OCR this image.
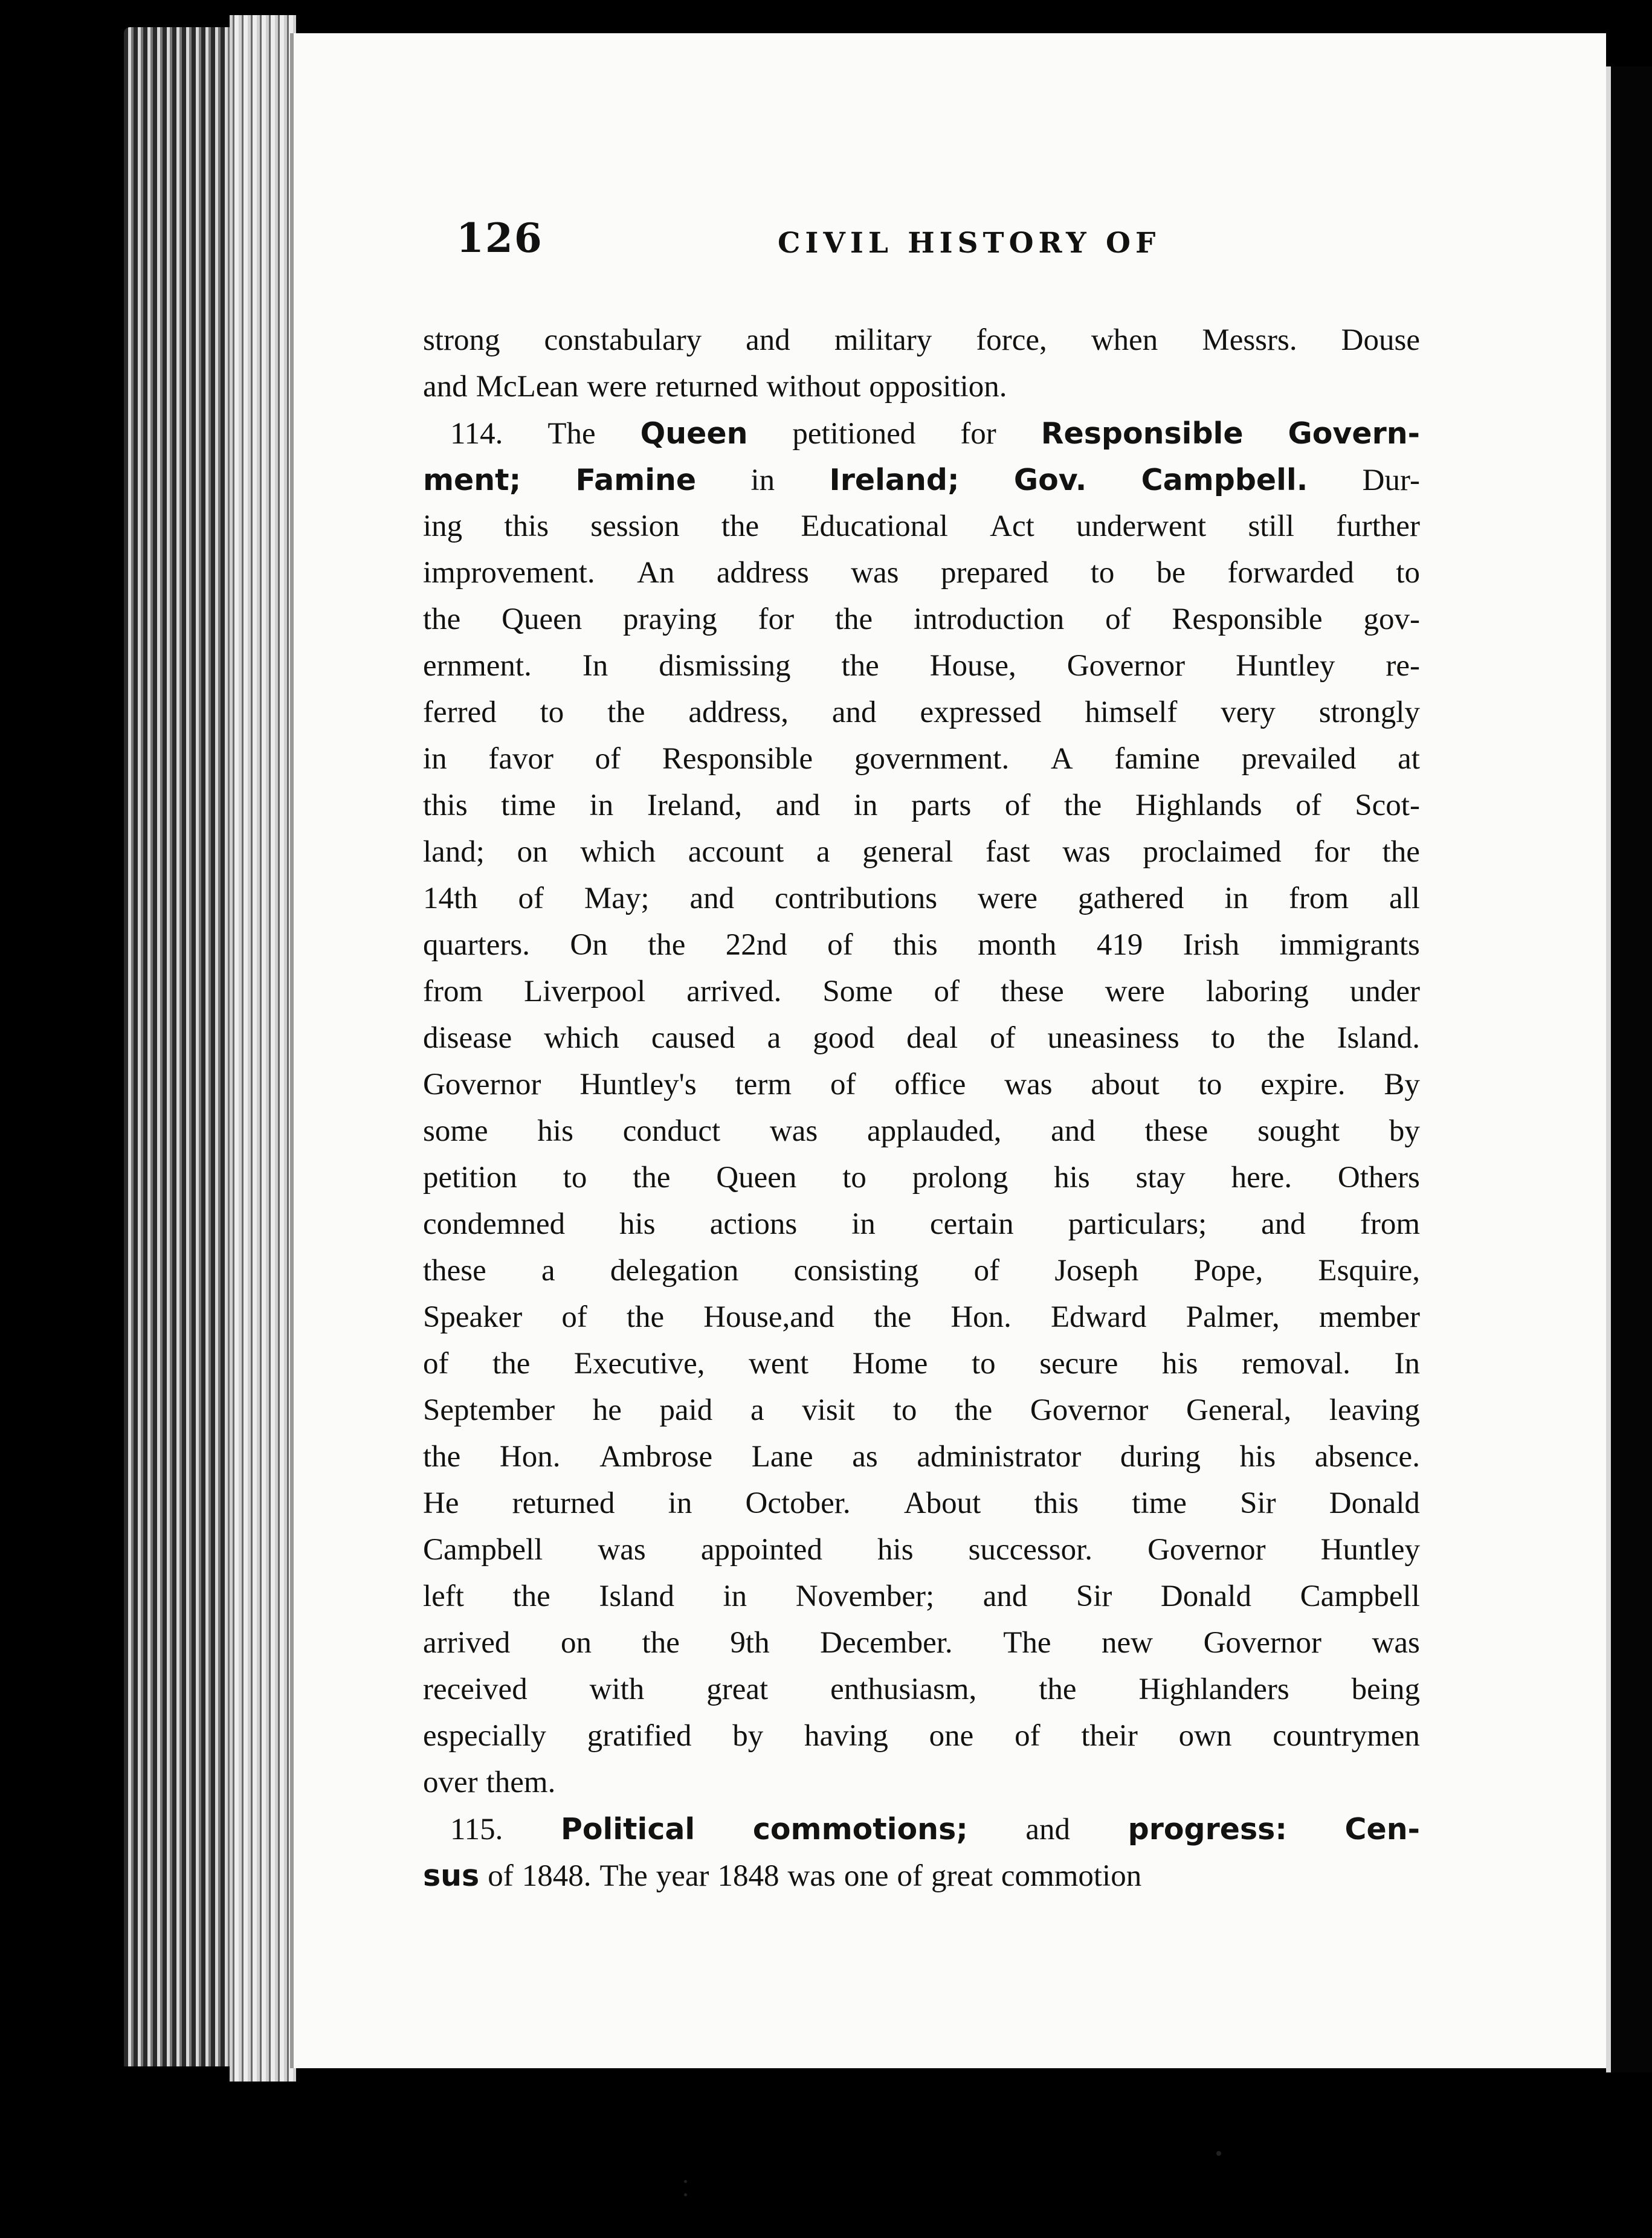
126	CIVIL HISTORY OF
strong constabulary and military force, when Messrs. Douse
and McLean were returned without opposition.
114. The Queen petitioned for Responsible Govern-
ment; Famine in Ireland; Gov. Campbell. Dur-
ing this session the Educational Act underwent still further
improvement. An address was prepared to be forwarded to
the Queen praying for the introduction of Responsible gov-
ernment. In dismissing the House, Governor Huntley re-
ferred to the address, and expressed himself very strongly
in favor of Responsible government. A famine prevailed at
this time in Ireland, and in parts of the Highlands of Scot-
land; on which account a general fast was proclaimed for the
14th of May; and contributions were gathered in from all
quarters. On the 22nd of this month 419 Irish immigrants
from Liverpool arrived. Some of these were laboring under
disease which caused a good deal of uneasiness to the Island.
Governor Huntley's term of office was about to expire. By
some his conduct was applauded, and these sought by
petition to the Queen to prolong his stay here. Others
condemned his actions in certain particulars; and from
these a delegation consisting of Joseph Pope, Esquire,
Speaker of the House,and the Hon. Edward Palmer, member
of the Executive, went Home to secure his removal. In
September he paid a visit to the Governor General, leaving
the Hon. Ambrose Lane as administrator during his absence.
He returned in October. About this time Sir Donald
Campbell was appointed his successor. Governor Huntley
left the Island in November; and Sir Donald Campbell
arrived on the 9th December. The new Governor was
received with great enthusiasm, the Highlanders being
especially gratified by having one of their own countrymen
over them.
115. Political commotions; and progress: Cen-
sus of 1848. The year 1848 was one of great commotion
